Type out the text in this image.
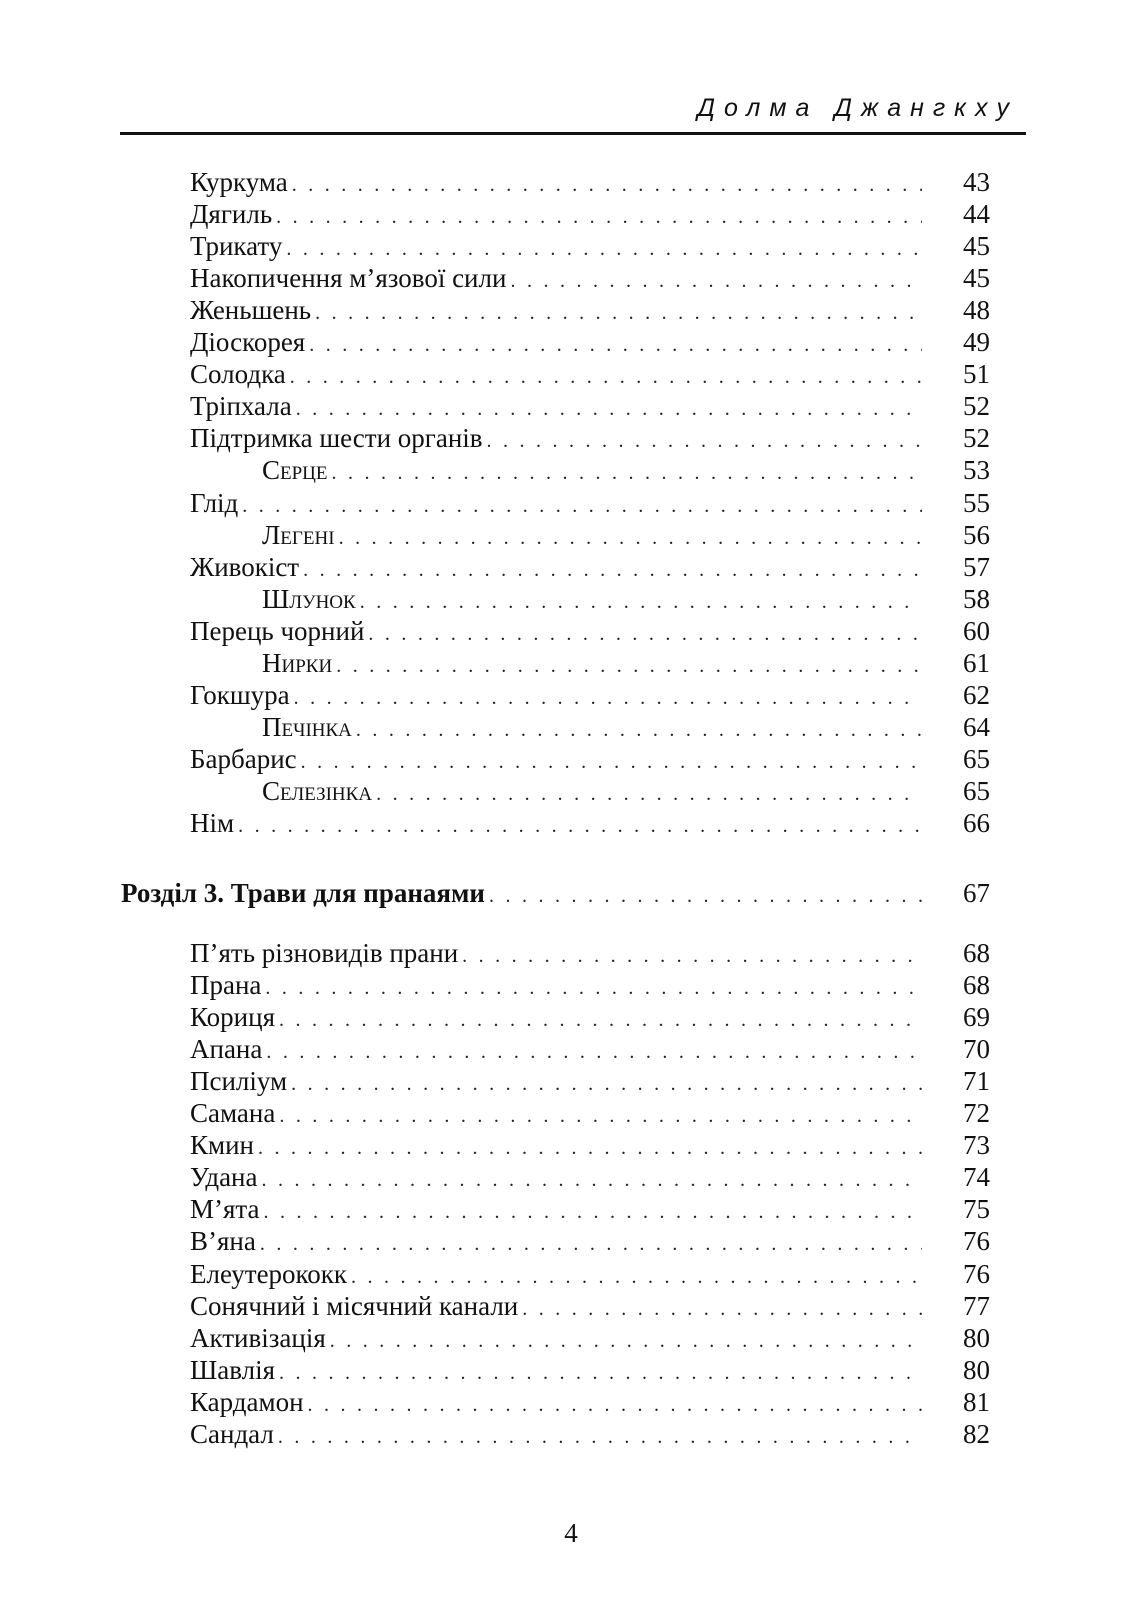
Долма Джангкху
Куркума . . .	43
Дягиль . . .	44
Трикату . . .	45
Накопичення м’язової сили . . .	45
Женьшень . . .	48
Діоскорея . . .	49
Солодка . . .	51
Тріпхала . . .	52
Підтримка шести органів . . .	52
Серце . . .	53
Глід . . .	55
Легені . . .	56
Живокіст . . .	57
Шлунок . . .	58
Перець чорний . . .	60
Нирки . . .	61
Гокшура . . .	62
Печінка . . .	64
Барбарис . . .	65
Селезінка . . .	65
Нім . . .	66
Розділ 3. Трави для пранаями . . .	67
П’ять різновидів прани . . .	68
Прана . . .	68
Кориця . . .	69
Апана . . .	70
Псиліум . . .	71
Самана . . .	72
Кмин . . .	73
Удана . . .	74
М’ята . . .	75
В’яна . . .	76
Елеутерококк . . .	76
Сонячний і місячний канали . . .	77
Активізація . . .	80
Шавлія . . .	80
Кардамон . . .	81
Сандал . . .	82
4
